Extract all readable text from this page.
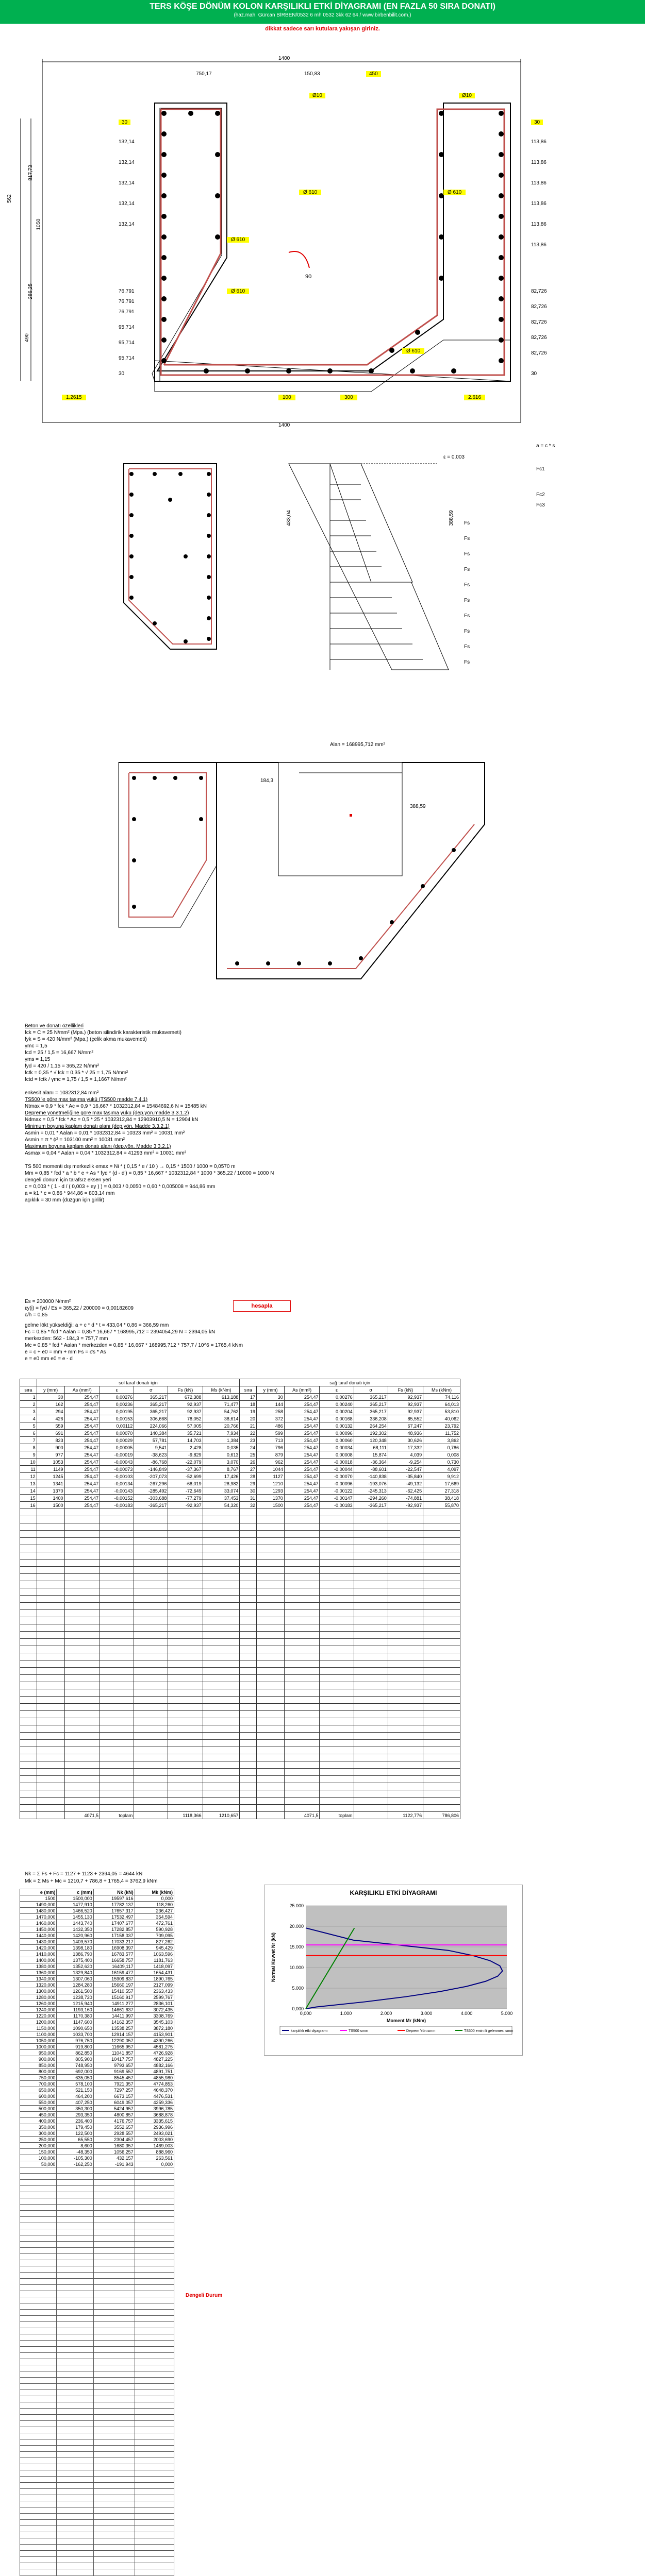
TERS KÖŞE DÖNÜM KOLON KARŞILIKLI ETKİ DİYAGRAMI (EN FAZLA 50 SIRA DONATI)
(haz.mah. Gürcan BİRBEN/0532 6 mh 0532 3kk 62 64 / www.birbenbilit.com.)
dikkat sadece sarı kutulara yakışan giriniz.
90
1400
750,17	150,83	450
Ø10	Ø10
30
132,14
132,14
132,14
132,14
132,14
76,791
76,791
76,791
95,714
95,714
95,714
30
30
113,86
113,86
113,86
113,86
113,86
113,86
82,726
82,726
82,726
82,726
82,726
30
817,73
1050
286,25
490
562
Ø 610	Ø 610
Ø 610
Ø 610
Ø 610
100	300
1400
2.616
1.2615
ε = 0,003
433,04	388,59
Fc1
Fc2
Fc3
Fs
Fs
Fs
Fs
Fs
Fs
Fs
Fs
Fs
Fs
a = c * s
Alan = 168995,712 mm²
184,3
388,59
Beton ve donatı özellikleri
fck = C = 25 N/mm² (Mpa.) (beton silindirik karakteristik mukavemeti)
fyk = S = 420 N/mm² (Mpa.) (çelik akma mukavemeti)
γmc = 1,5
fcd = 25 / 1,5 = 16,667 N/mm²
γms = 1,15
fyd = 420 / 1,15 = 365,22 N/mm²
fctk = 0,35 * √ fck = 0,35 * √ 25 = 1,75 N/mm²
fctd = fctk / γmc = 1,75 / 1,5 = 1,1667 N/mm²
enkesit alanı = 1032312,84 mm²
TS500 'e göre max taşıma yükü (TS500 madde 7.4.1)
Ntmax = 0,9 * fck * Ac = 0,9 * 16,667 * 1032312,84 = 15484692,6 N = 15485 kN
Depreme yönetmeliğine göre max taşıma yükü (dep.yön.madde 3.3.1.2)
Ndmax = 0,5 * fck * Ac = 0,5 * 25 * 1032312,84 = 12903910,5 N = 12904 kN
Minimum boyuna kaplam donatı alanı (dep.yön. Madde 3.3.2.1)
Asmin = 0,01 * Aalan = 0,01 * 1032312,84 = 10323 mm² = 10031 mm²
Asmin = π * ϕ² = 103100 mm² = 10031 mm²
Maximum boyuna kaplam donatı alanı (dep.yön. Madde 3.3.2.1)
Asmax = 0,04 * Aalan = 0,04 * 1032312,84 = 41293 mm² = 10031 mm²
TS 500 momenti dış merkezlik emax = Ni * ( 0,15 * e / 10 ) → 0,15 * 1500 / 1000 = 0,0570 m
Mm = 0,85 * fcd * a * b * e + As * fyd * (d - d') = 0,85 * 16,667 * 1032312,84 * 1000 * 365,22 / 10000 = 1000 N
dengeli donum için tarafsız eksen yeri
c = 0,003 * ( 1 - d / ( 0,003 + ey ) ) = 0,003 / 0,0050 = 0,60 * 0,005008 = 944,86 mm
a = k1 * c = 0,86 * 944,86 = 803,14 mm
açıklık = 30 mm (düzgün için girilir)
Es = 200000 N/mm²
εy(i) = fyd / Es = 365,22 / 200000 = 0,00182609
c/h = 0,85
hesapla
gelme lökt yükseldiği: a + c * d * t = 433,04 * 0,86 = 366,59 mm
Fc = 0,85 * fcd * Aalan = 0,85 * 16,667 * 168995,712 = 2394054,29 N = 2394,05 kN
merkezden: 562 - 184,3 = 757,7 mm
Mc = 0,85 * fcd * Aalan * merkezden = 0,85 * 16,667 * 168995,712 * 757,7 / 10^6 = 1765,4 kNm
e = c + e0 = mm + mm Fs = σs * As
e = e0 mm e0 = e - d
	sol taraf donatı için						sağ taraf donatı için						
sıra	y (mm)	As (mm²)	ε	σ	Fs (kN)	Ms (kNm)	sıra	y (mm)	As (mm²)	ε	σ	Fs (kN)	Ms (kNm)
1	30	254,47	0,00276	365,217	672,388	613,188	17	30	254,47	0,00276	365,217	92,937	74,116
2	162	254,47	0,00236	365,217	92,937	71,477	18	144	254,47	0,00240	365,217	92,937	64,013
3	294	254,47	0,00195	365,217	92,937	54,762	19	258	254,47	0,00204	365,217	92,937	53,810
4	426	254,47	0,00153	306,668	78,052	38,614	20	372	254,47	0,00168	336,208	85,552	40,062
5	559	254,47	0,00112	224,066	57,005	20,766	21	486	254,47	0,00132	264,254	67,247	23,792
6	691	254,47	0,00070	140,384	35,721	7,934	22	599	254,47	0,00096	192,302	48,936	11,752
7	823	254,47	0,00029	57,781	14,703	1,384	23	713	254,47	0,00060	120,348	30,626	3,862
8	900	254,47	0,00005	9,541	2,428	0,035	24	796	254,47	0,00034	68,111	17,332	0,786
9	977	254,47	-0,00019	-38,623	-9,829	0,613	25	879	254,47	0,00008	15,874	4,039	0,008
10	1053	254,47	-0,00043	-86,768	-22,079	3,070	26	962	254,47	-0,00018	-36,364	-9,254	0,730
11	1149	254,47	-0,00073	-146,849	-37,367	8,767	27	1044	254,47	-0,00044	-88,601	-22,547	4,097
12	1245	254,47	-0,00103	-207,073	-52,699	17,426	28	1127	254,47	-0,00070	-140,838	-35,840	9,912
13	1341	254,47	-0,00134	-267,296	-68,019	28,982	29	1210	254,47	-0,00096	-193,076	-49,132	17,669
14	1370	254,47	-0,00143	-285,492	-72,649	33,074	30	1293	254,47	-0,00122	-245,313	-62,425	27,318
15	1400	254,47	-0,00152	-303,688	-77,279	37,453	31	1370	254,47	-0,00147	-294,260	-74,881	38,418
16	1500	254,47	-0,00183	-365,217	-92,937	54,320	32	1500	254,47	-0,00183	-365,217	-92,937	55,870

		4071,5	toplam		1118,366	1210,657			4071,5	toplam		1122,776	786,806
Nk = Σ Fs + Fc = 1127 + 1123 + 2394,05 = 4644 kN
Mk = Σ Ms + Mc = 1210,7 + 786,8 + 1765,4 = 3762,9 kNm
e (mm)	c (mm)	Nk (kN)	Mk (kNm)
1500	1500,000	19597,616	0,000
1490,000	1477,910	17782,137	118,260
1480,000	1466,520	17657,317	236,427
1470,000	1455,130	17532,497	354,594
1460,000	1443,740	17407,677	472,761
1450,000	1432,350	17282,857	590,928
1440,000	1420,960	17158,037	709,095
1430,000	1409,570	17033,217	827,262
1420,000	1398,180	16908,397	945,429
1410,000	1386,790	16783,577	1063,596
1400,000	1375,400	16658,757	1181,763
1380,000	1352,620	16409,117	1418,097
1360,000	1329,840	16159,477	1654,431
1340,000	1307,060	15909,837	1890,765
1320,000	1284,280	15660,197	2127,099
1300,000	1261,500	15410,557	2363,433
1280,000	1238,720	15160,917	2599,767
1260,000	1215,940	14911,277	2836,101
1240,000	1193,160	14661,637	3072,435
1220,000	1170,380	14411,997	3308,769
1200,000	1147,600	14162,357	3545,103
1150,000	1090,650	13538,257	3872,180
1100,000	1033,700	12914,157	4153,901
1050,000	976,750	12290,057	4390,266
1000,000	919,800	11665,957	4581,275
950,000	862,850	11041,857	4726,928
900,000	805,900	10417,757	4827,225
850,000	748,950	9793,657	4882,166
800,000	692,000	9169,557	4891,751
750,000	635,050	8545,457	4855,980
700,000	578,100	7921,357	4774,853
650,000	521,150	7297,257	4648,370
600,000	464,200	6673,157	4476,531
550,000	407,250	6049,057	4259,336
500,000	350,300	5424,957	3996,785
450,000	293,350	4800,857	3688,878
400,000	236,400	4176,757	3335,615
350,000	179,450	3552,657	2936,996
300,000	122,500	2928,557	2493,021
250,000	65,550	2304,457	2003,690
200,000	8,600	1680,357	1469,003
150,000	-48,350	1056,257	888,960
100,000	-105,300	432,157	263,561
50,000	-162,250	-191,943	0,000

Dengeli Durum
KARŞILIKLI ETKİ DİYAGRAMI
0,000
5.000
10.000
15.000
20.000
25.000
0,000	1.000	2.000	3.000	4.000	5.000
Moment Mr (kNm)
Normal Kuvvet Nr (kN)
karşılıklı etki diyagramı	TS500 sınırı	Deprem Yön.sınırı	TS500 emin ili gelenmesi sınırı
